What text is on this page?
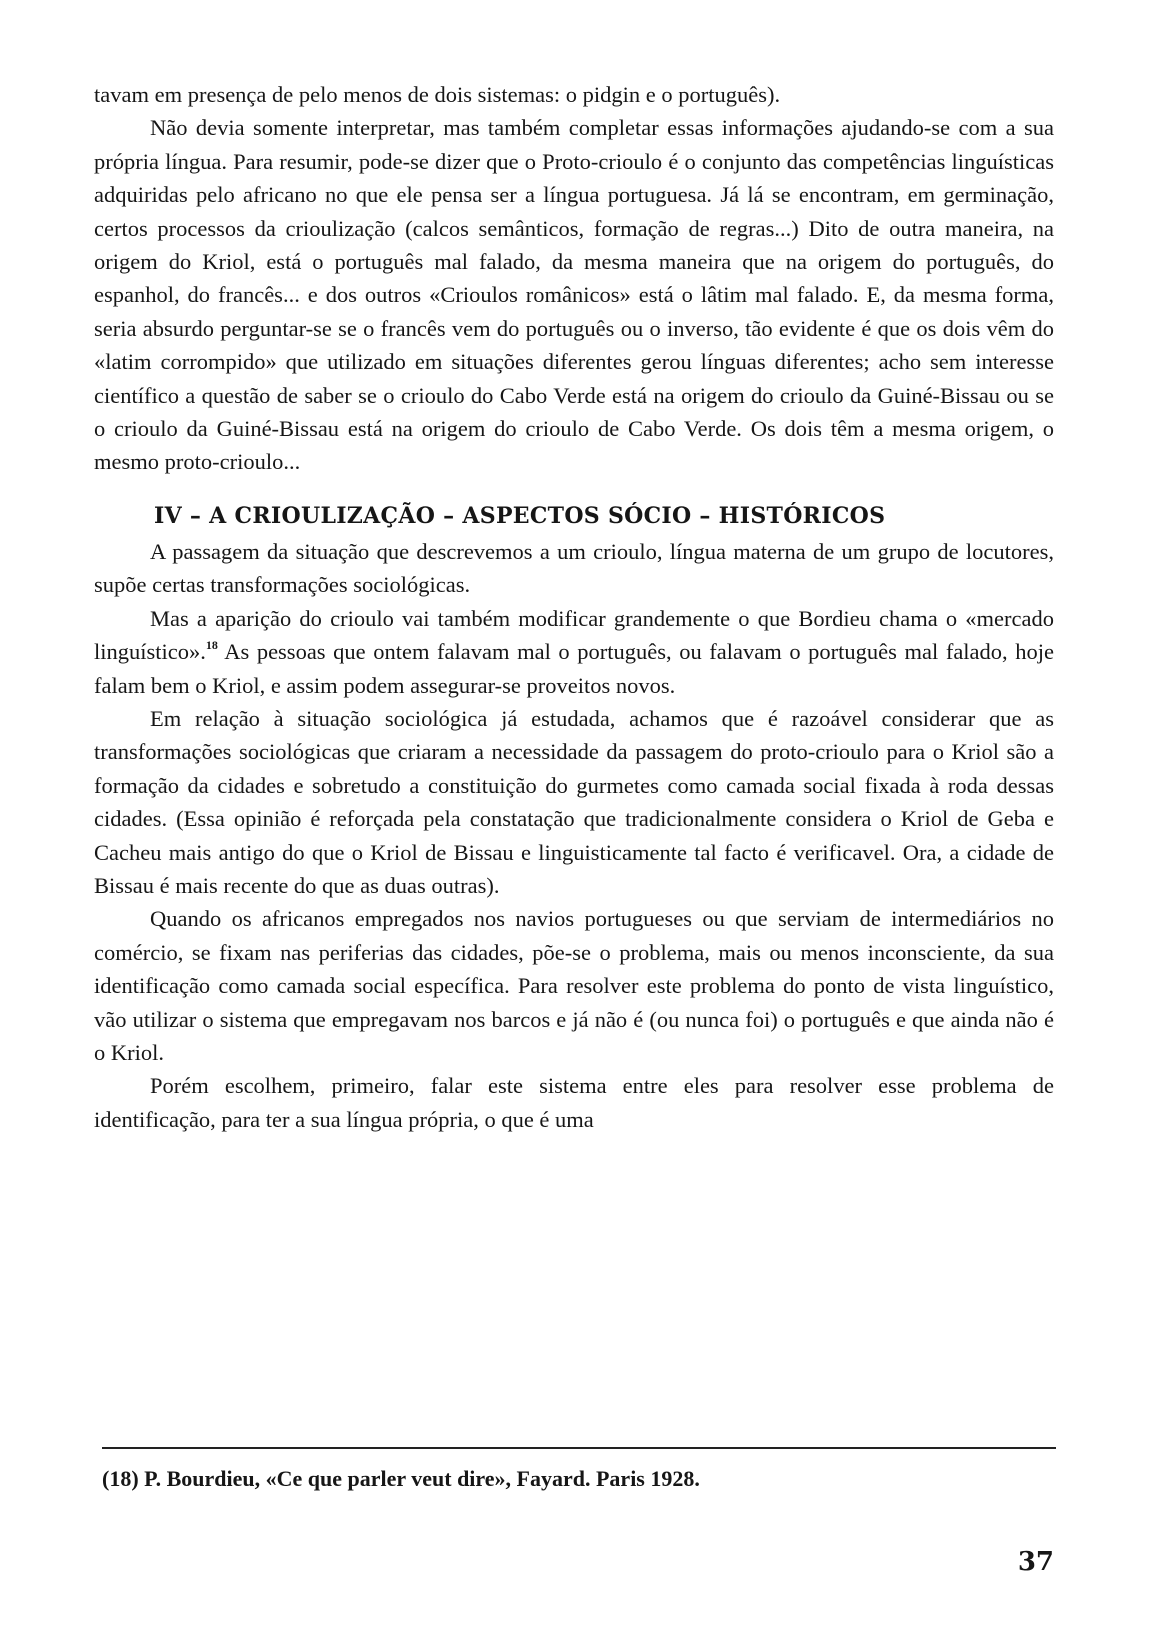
tavam em presença de pelo menos de dois sistemas: o pidgin e o português).

Não devia somente interpretar, mas também completar essas informações ajudando-se com a sua própria língua. Para resumir, pode-se dizer que o Proto-crioulo é o conjunto das competências linguísticas adquiridas pelo africano no que ele pensa ser a língua portuguesa. Já lá se encontram, em germinação, certos processos da crioulização (calcos semânticos, formação de regras...) Dito de outra maneira, na origem do Kriol, está o português mal falado, da mesma maneira que na origem do português, do espanhol, do francês... e dos outros «Crioulos românicos» está o lâtim mal falado. E, da mesma forma, seria absurdo perguntar-se se o francês vem do português ou o inverso, tão evidente é que os dois vêm do «latim corrompido» que utilizado em situações diferentes gerou línguas diferentes; acho sem interesse científico a questão de saber se o crioulo do Cabo Verde está na origem do crioulo da Guiné-Bissau ou se o crioulo da Guiné-Bissau está na origem do crioulo de Cabo Verde. Os dois têm a mesma origem, o mesmo proto-crioulo...

IV – A CRIOULIZAÇÃO – ASPECTOS SÓCIO – HISTÓRICOS

A passagem da situação que descrevemos a um crioulo, língua materna de um grupo de locutores, supõe certas transformações sociológicas.

Mas a aparição do crioulo vai também modificar grandemente o que Bordieu chama o «mercado linguístico».$^{18}$ As pessoas que ontem falavam mal o português, ou falavam o português mal falado, hoje falam bem o Kriol, e assim podem assegurar-se proveitos novos.

Em relação à situação sociológica já estudada, achamos que é razoável considerar que as transformações sociológicas que criaram a necessidade da passagem do proto-crioulo para o Kriol são a formação da cidades e sobretudo a constituição do gurmetes como camada social fixada à roda dessas cidades. (Essa opinião é reforçada pela constatação que tradicionalmente considera o Kriol de Geba e Cacheu mais antigo do que o Kriol de Bissau e linguisticamente tal facto é verificavel. Ora, a cidade de Bissau é mais recente do que as duas outras).

Quando os africanos empregados nos navios portugueses ou que serviam de intermediários no comércio, se fixam nas periferias das cidades, põe-se o problema, mais ou menos inconsciente, da sua identificação como camada social específica. Para resolver este problema do ponto de vista linguístico, vão utilizar o sistema que empregavam nos barcos e já não é (ou nunca foi) o português e que ainda não é o Kriol.

Porém escolhem, primeiro, falar este sistema entre eles para resolver esse problema de identificação, para ter a sua língua própria, o que é uma

(18) P. Bourdieu, «Ce que parler veut dire», Fayard. Paris 1928.
37
